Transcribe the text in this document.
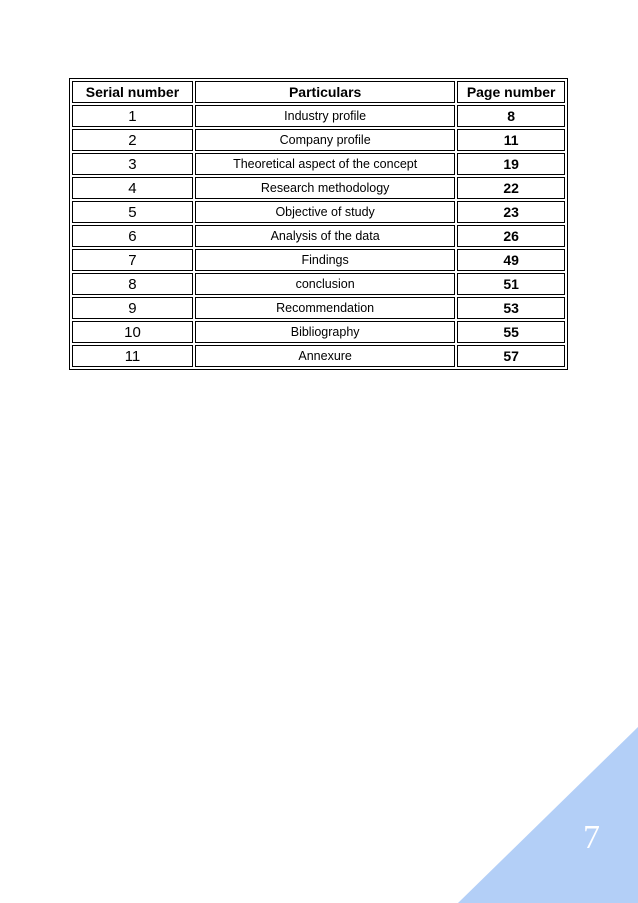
Serial number	Particulars	Page number
1	Industry profile	8
2	Company profile	11
3	Theoretical aspect of the concept	19
4	Research methodology	22
5	Objective of study	23
6	Analysis of the data	26
7	Findings	49
8	conclusion	51
9	Recommendation	53
10	Bibliography	55
11	Annexure	57
7
